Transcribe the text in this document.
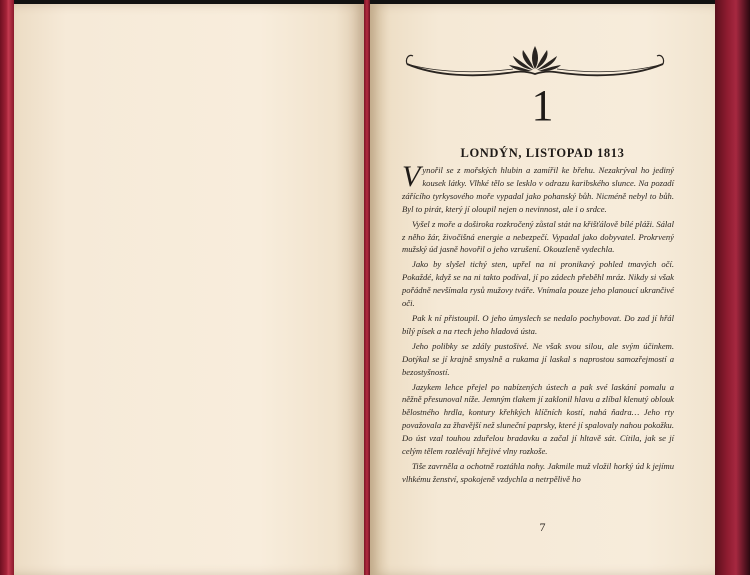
1
LONDÝN, LISTOPAD 1813

Vynořil se z mořských hlubin a zamířil ke břehu. Nezakrýval ho jediný kousek látky. Vlhké tělo se lesklo v odrazu karibského slunce. Na pozadí zářícího tyrkysového moře vypadal jako pohanský bůh. Nicméně nebyl to bůh. Byl to pirát, který jí oloupil nejen o nevinnost, ale i o srdce.

Vyšel z moře a doširoka rozkročený zůstal stát na křišťálově bílé pláži. Sálal z něho žár, živočišná energie a nebezpečí. Vypadal jako dobyvatel. Prokrvený mužský úd jasně hovořil o jeho vzrušení. Okouzleně vydechla.

Jako by slyšel tichý sten, upřel na ni pronikavý pohled tmavých očí. Pokaždé, když se na ni takto podíval, jí po zádech přeběhl mráz. Nikdy si však pořádně nevšímala rysů mužovy tváře. Vnímala pouze jeho planoucí ukrančivé oči.

Pak k ní přistoupil. O jeho úmyslech se nedalo pochybovat. Do zad jí hřál bílý písek a na rtech jeho hladová ústa.

Jeho polibky se zdály pustošivé. Ne však svou silou, ale svým účinkem. Dotýkal se jí krajně smyslně a rukama jí laskal s naprostou samozřejmostí a bezostyšností.

Jazykem lehce přejel po nabízených ústech a pak své laskání pomalu a něžně přesunoval níže. Jemným tlakem jí zaklonil hlavu a zlíbal klenutý oblouk bělostného hrdla, kontury křehkých klíčních kostí, nahá ňadra… Jeho rty považovala za žhavější než sluneční paprsky, které jí spalovaly nahou pokožku. Do úst vzal touhou zduřelou bradavku a začal jí hltavě sát. Cítila, jak se jí celým tělem rozlévají hřejivé vlny rozkoše.

Tiše zavrněla a ochotně roztáhla nohy. Jakmile muž vložil horký úd k jejímu vlhkému ženství, spokojeně vzdychla a netrpělivě ho

7
